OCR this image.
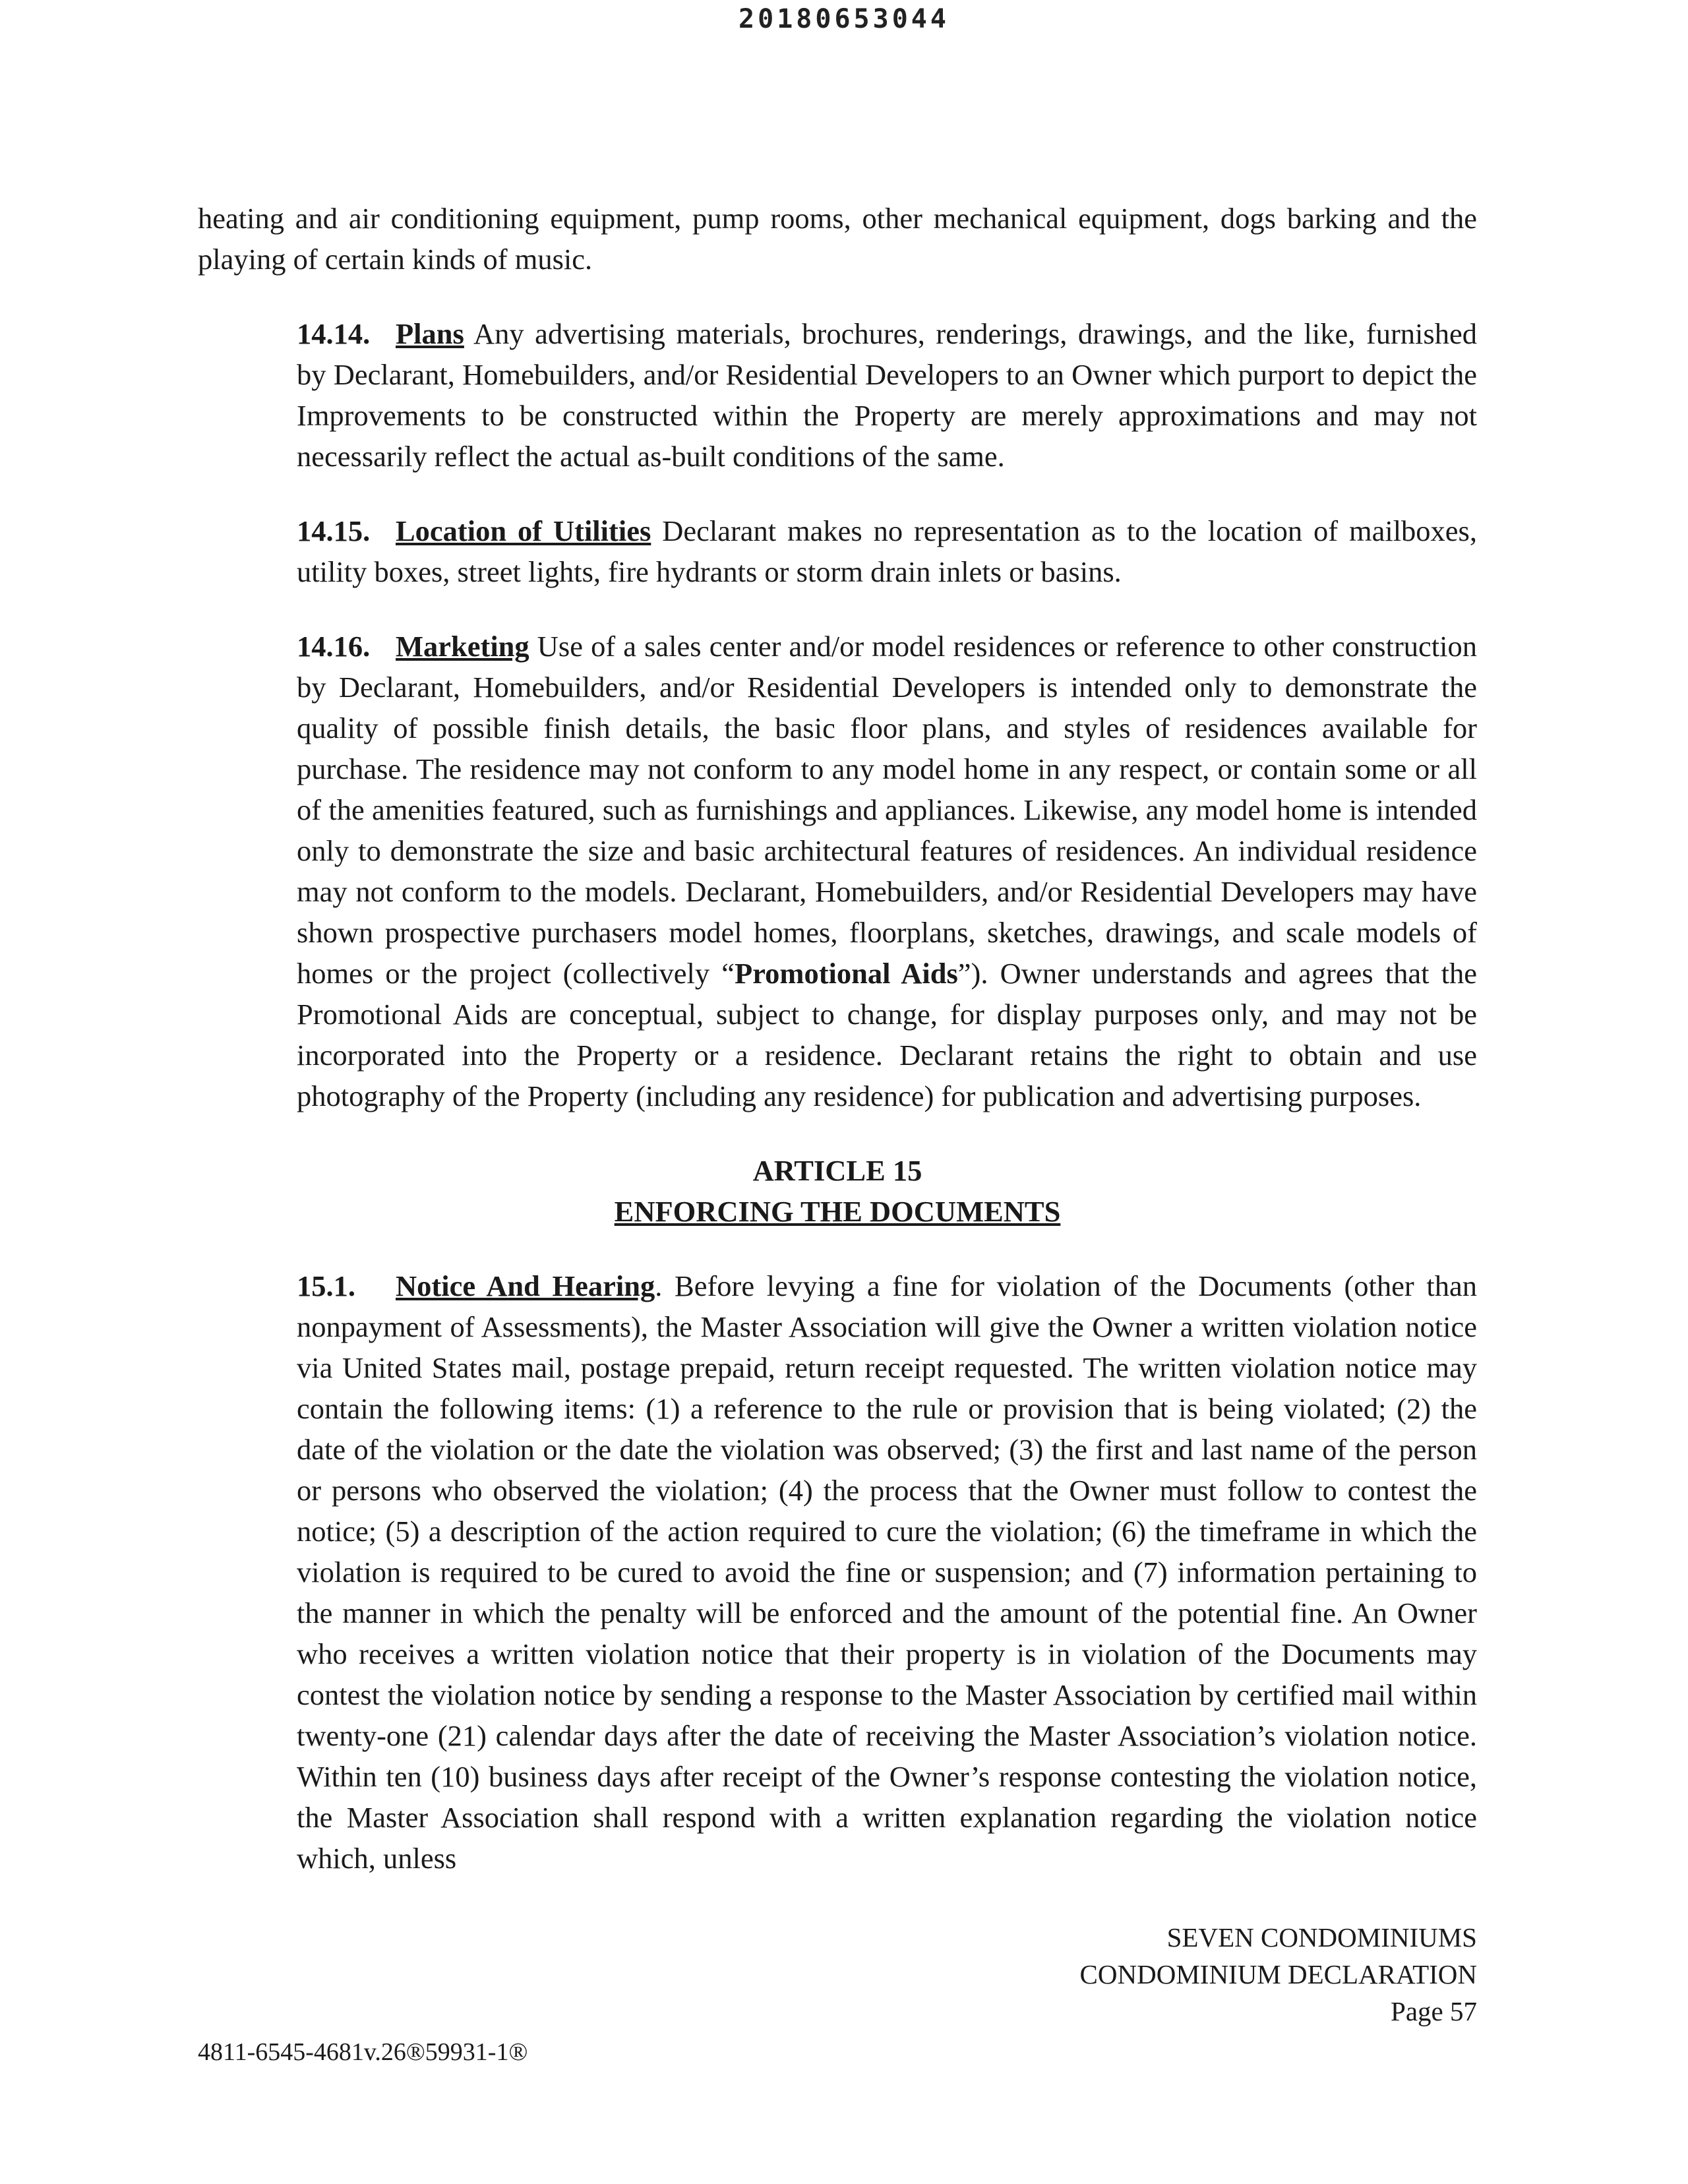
20180653044

heating and air conditioning equipment, pump rooms, other mechanical equipment, dogs barking and the playing of certain kinds of music.

14.14. Plans Any advertising materials, brochures, renderings, drawings, and the like, furnished by Declarant, Homebuilders, and/or Residential Developers to an Owner which purport to depict the Improvements to be constructed within the Property are merely approximations and may not necessarily reflect the actual as-built conditions of the same.

14.15. Location of Utilities Declarant makes no representation as to the location of mailboxes, utility boxes, street lights, fire hydrants or storm drain inlets or basins.

14.16. Marketing Use of a sales center and/or model residences or reference to other construction by Declarant, Homebuilders, and/or Residential Developers is intended only to demonstrate the quality of possible finish details, the basic floor plans, and styles of residences available for purchase. The residence may not conform to any model home in any respect, or contain some or all of the amenities featured, such as furnishings and appliances. Likewise, any model home is intended only to demonstrate the size and basic architectural features of residences. An individual residence may not conform to the models. Declarant, Homebuilders, and/or Residential Developers may have shown prospective purchasers model homes, floorplans, sketches, drawings, and scale models of homes or the project (collectively “Promotional Aids”). Owner understands and agrees that the Promotional Aids are conceptual, subject to change, for display purposes only, and may not be incorporated into the Property or a residence. Declarant retains the right to obtain and use photography of the Property (including any residence) for publication and advertising purposes.

ARTICLE 15
ENFORCING THE DOCUMENTS

15.1. Notice And Hearing. Before levying a fine for violation of the Documents (other than nonpayment of Assessments), the Master Association will give the Owner a written violation notice via United States mail, postage prepaid, return receipt requested. The written violation notice may contain the following items: (1) a reference to the rule or provision that is being violated; (2) the date of the violation or the date the violation was observed; (3) the first and last name of the person or persons who observed the violation; (4) the process that the Owner must follow to contest the notice; (5) a description of the action required to cure the violation; (6) the timeframe in which the violation is required to be cured to avoid the fine or suspension; and (7) information pertaining to the manner in which the penalty will be enforced and the amount of the potential fine. An Owner who receives a written violation notice that their property is in violation of the Documents may contest the violation notice by sending a response to the Master Association by certified mail within twenty-one (21) calendar days after the date of receiving the Master Association’s violation notice. Within ten (10) business days after receipt of the Owner’s response contesting the violation notice, the Master Association shall respond with a written explanation regarding the violation notice which, unless

SEVEN CONDOMINIUMS
CONDOMINIUM DECLARATION
Page 57
4811-6545-4681v.26®59931-1®
